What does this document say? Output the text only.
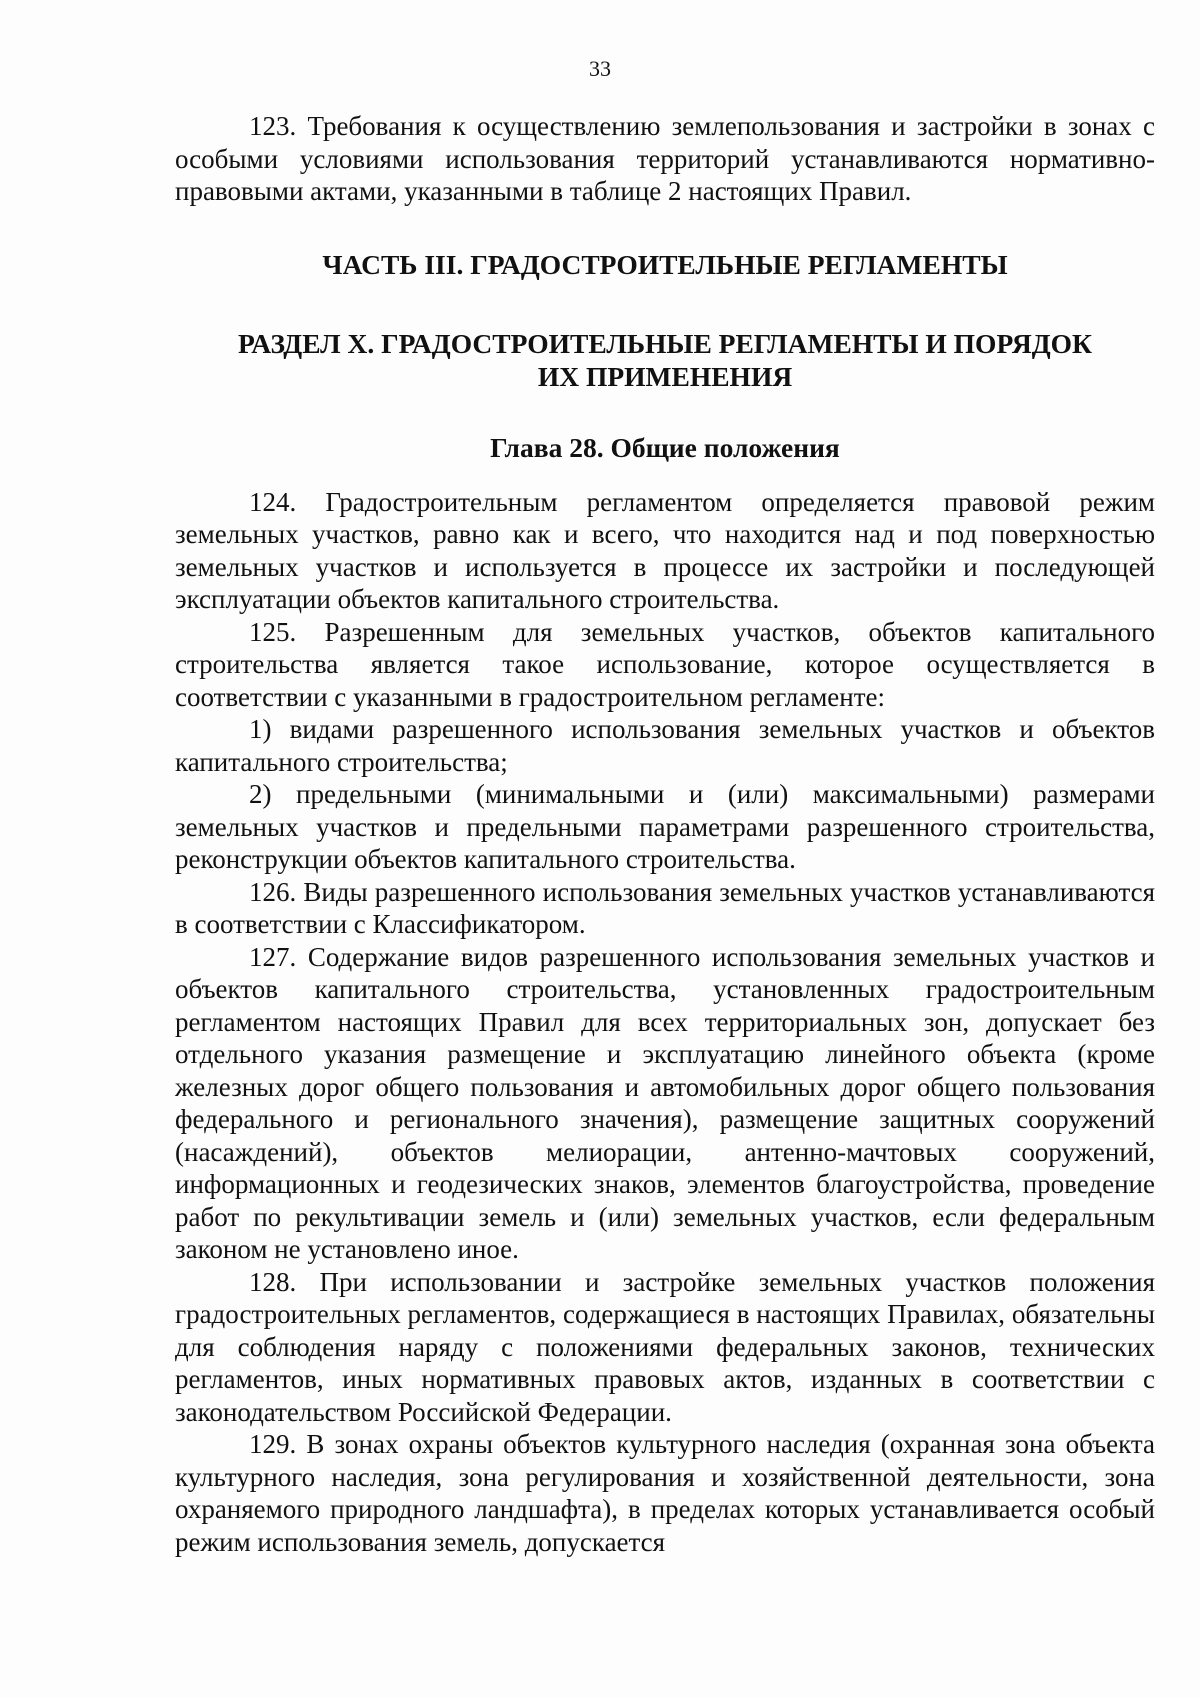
33

123. Требования к осуществлению землепользования и застройки в зонах с особыми условиями использования территорий устанавливаются нормативно-правовыми актами, указанными в таблице 2 настоящих Правил.

ЧАСТЬ III. ГРАДОСТРОИТЕЛЬНЫЕ РЕГЛАМЕНТЫ
РАЗДЕЛ X. ГРАДОСТРОИТЕЛЬНЫЕ РЕГЛАМЕНТЫ И ПОРЯДОК
ИХ ПРИМЕНЕНИЯ
Глава 28. Общие положения

124. Градостроительным регламентом определяется правовой режим земельных участков, равно как и всего, что находится над и под поверхностью земельных участков и используется в процессе их застройки и последующей эксплуатации объектов капитального строительства.

125. Разрешенным для земельных участков, объектов капитального строительства является такое использование, которое осуществляется в соответствии с указанными в градостроительном регламенте:

1) видами разрешенного использования земельных участков и объектов капитального строительства;

2) предельными (минимальными и (или) максимальными) размерами земельных участков и предельными параметрами разрешенного строительства, реконструкции объектов капитального строительства.

126. Виды разрешенного использования земельных участков устанавливаются в соответствии с Классификатором.

127. Содержание видов разрешенного использования земельных участков и объектов капитального строительства, установленных градостроительным регламентом настоящих Правил для всех территориальных зон, допускает без отдельного указания размещение и эксплуатацию линейного объекта (кроме железных дорог общего пользования и автомобильных дорог общего пользования федерального и регионального значения), размещение защитных сооружений (насаждений), объектов мелиорации, антенно-мачтовых сооружений, информационных и геодезических знаков, элементов благоустройства, проведение работ по рекультивации земель и (или) земельных участков, если федеральным законом не установлено иное.

128. При использовании и застройке земельных участков положения градостроительных регламентов, содержащиеся в настоящих Правилах, обязательны для соблюдения наряду с положениями федеральных законов, технических регламентов, иных нормативных правовых актов, изданных в соответствии с законодательством Российской Федерации.

129. В зонах охраны объектов культурного наследия (охранная зона объекта культурного наследия, зона регулирования и хозяйственной деятельности, зона охраняемого природного ландшафта), в пределах которых устанавливается особый режим использования земель, допускается
